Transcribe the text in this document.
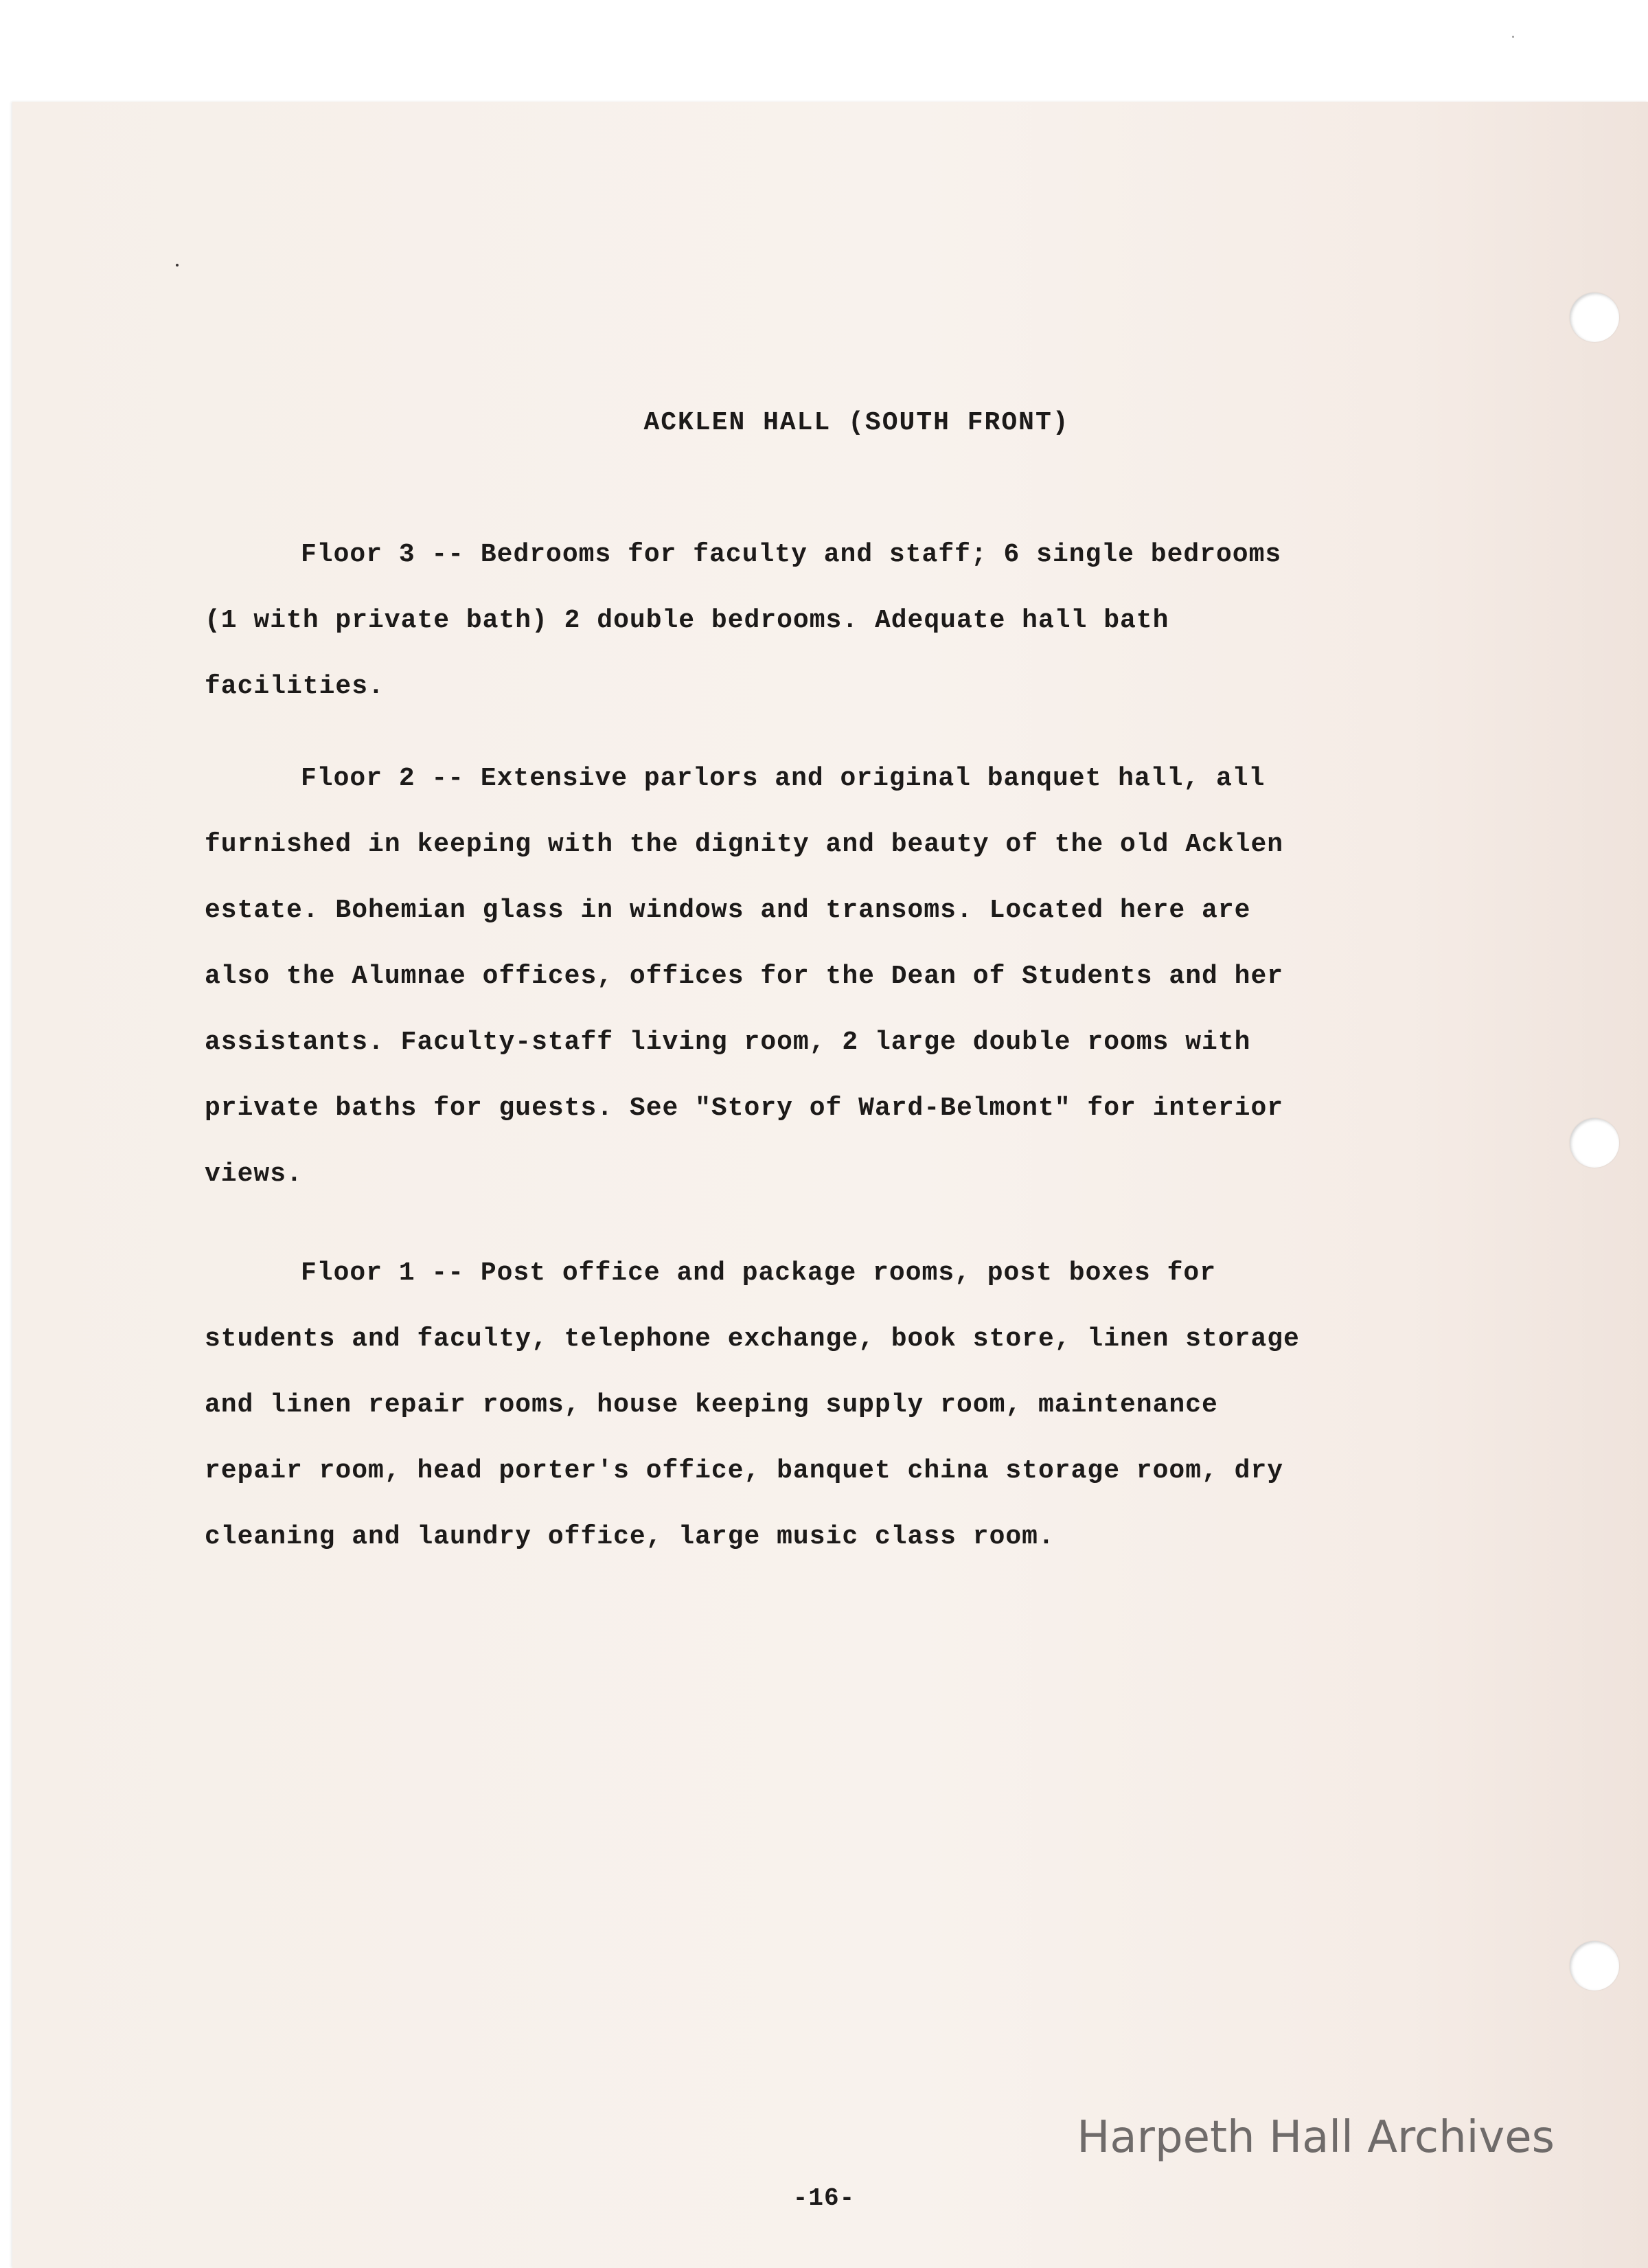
ACKLEN HALL (SOUTH FRONT)
Floor 3 -- Bedrooms for faculty and staff; 6 single bedrooms
(1 with private bath) 2 double bedrooms. Adequate hall bath
facilities.
Floor 2 -- Extensive parlors and original banquet hall, all
furnished in keeping with the dignity and beauty of the old Acklen
estate. Bohemian glass in windows and transoms. Located here are
also the Alumnae offices, offices for the Dean of Students and her
assistants. Faculty-staff living room, 2 large double rooms with
private baths for guests. See "Story of Ward-Belmont" for interior
views.
Floor 1 -- Post office and package rooms, post boxes for
students and faculty, telephone exchange, book store, linen storage
and linen repair rooms, house keeping supply room, maintenance
repair room, head porter's office, banquet china storage room, dry
cleaning and laundry office, large music class room.
Harpeth Hall Archives
-16-
